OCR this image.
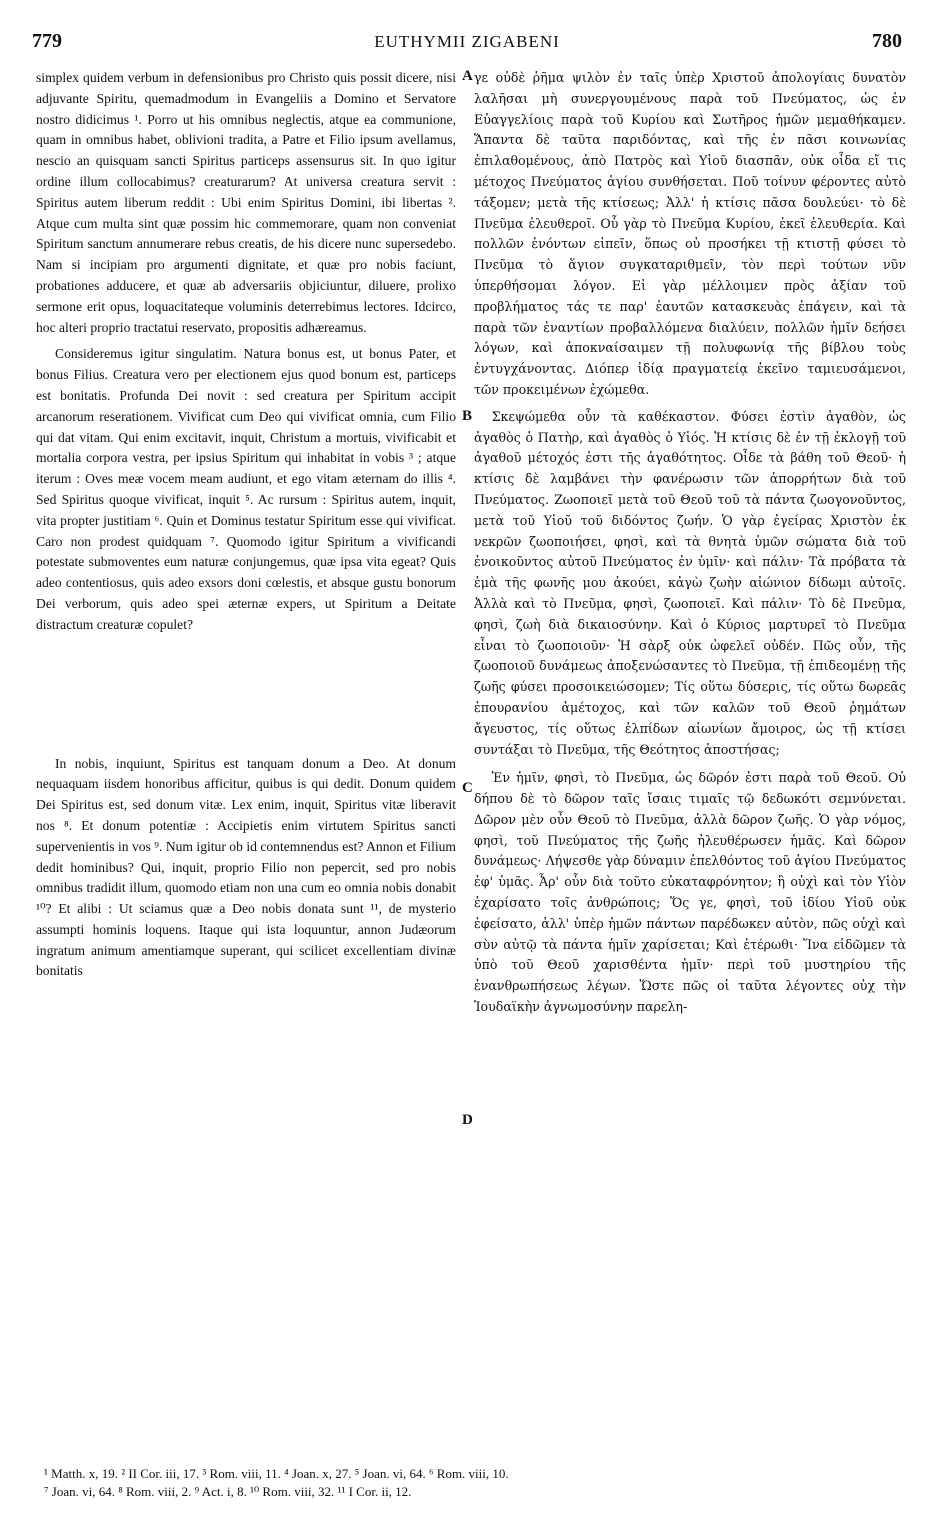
779	EUTHYMII ZIGABENI	780

simplex quidem verbum in defensionibus pro Christo quis possit dicere, nisi adjuvante Spiritu, quemadmodum in Evangeliis a Domino et Servatore nostro didicimus ¹. Porro ut his omnibus neglectis, atque ea communione, quam in omnibus habet, oblivioni tradita, a Patre et Filio ipsum avellamus, nescio an quisquam sancti Spiritus particeps assensurus sit. In quo igitur ordine illum collocabimus? creaturarum? At universa creatura servit : Spiritus autem liberum reddit : Ubi enim Spiritus Domini, ibi libertas ². Atque cum multa sint quæ possim hic commemorare, quam non conveniat Spiritum sanctum annumerare rebus creatis, de his dicere nunc supersedebo. Nam si incipiam pro argumenti dignitate, et quæ pro nobis faciunt, probationes adducere, et quæ ab adversariis objiciuntur, diluere, prolixo sermone erit opus, loquacitateque voluminis deterrebimus lectores. Idcirco, hoc alteri proprio tractatui reservato, propositis adhæreamus.

Consideremus igitur singulatim. Natura bonus est, ut bonus Pater, et bonus Filius. Creatura vero per electionem ejus quod bonum est, particeps est bonitatis. Profunda Dei novit : sed creatura per Spiritum accipit arcanorum reserationem. Vivificat cum Deo qui vivificat omnia, cum Filio qui dat vitam. Qui enim excitavit, inquit, Christum a mortuis, vivificabit et mortalia corpora vestra, per ipsius Spiritum qui inhabitat in vobis ³ ; atque iterum : Oves meæ vocem meam audiunt, et ego vitam æternam do illis ⁴. Sed Spiritus quoque vivificat, inquit ⁵. Ac rursum : Spiritus autem, inquit, vita propter justitiam ⁶. Quin et Dominus testatur Spiritum esse qui vivificat. Caro non prodest quidquam ⁷. Quomodo igitur Spiritum a vivificandi potestate submoventes eum naturæ conjungemus, quæ ipsa vita egeat? Quis adeo contentiosus, quis adeo exsors doni cœlestis, et absque gustu bonorum Dei verborum, quis adeo spei æternæ expers, ut Spiritum a Deitate distractum creaturæ copulet?

In nobis, inquiunt, Spiritus est tanquam donum a Deo. At donum nequaquam iisdem honoribus afficitur, quibus is qui dedit. Donum quidem Dei Spiritus est, sed donum vitæ. Lex enim, inquit, Spiritus vitæ liberavit nos ⁸. Et donum potentiæ : Accipietis enim virtutem Spiritus sancti supervenientis in vos ⁹. Num igitur ob id contemnendus est? Annon et Filium dedit hominibus? Qui, inquit, proprio Filio non pepercit, sed pro nobis omnibus tradidit illum, quomodo etiam non una cum eo omnia nobis donabit ¹⁰? Et alibi : Ut sciamus quæ a Deo nobis donata sunt ¹¹, de mysterio assumpti hominis loquens. Itaque qui ista loquuntur, annon Judæorum ingratum animum amentiamque superant, qui scilicet excellentiam divinæ bonitatis

γε οὐδὲ ῥῆμα ψιλὸν ἐν ταῖς ὑπὲρ Χριστοῦ ἀπολογίαις δυνατὸν λαλῆσαι μὴ συνεργουμένους παρὰ τοῦ Πνεύματος, ὡς ἐν Εὐαγγελίοις παρὰ τοῦ Κυρίου καὶ Σωτῆρος ἡμῶν μεμαθήκαμεν. Ἅπαντα δὲ ταῦτα παριδόντας, καὶ τῆς ἐν πᾶσι κοινωνίας ἐπιλαθομένους, ἀπὸ Πατρὸς καὶ Υἱοῦ διασπᾶν, οὐκ οἶδα εἴ τις μέτοχος Πνεύματος ἁγίου συνθήσεται. Ποῦ τοίνυν φέροντες αὐτὸ τάξομεν; μετὰ τῆς κτίσεως; Ἀλλ' ἡ κτίσις πᾶσα δουλεύει· τὸ δὲ Πνεῦμα ἐλευθεροῖ. Οὗ γὰρ τὸ Πνεῦμα Κυρίου, ἐκεῖ ἐλευθερία. Καὶ πολλῶν ἐνόντων εἰπεῖν, ὅπως οὐ προσήκει τῇ κτιστῇ φύσει τὸ Πνεῦμα τὸ ἅγιον συγκαταριθμεῖν, τὸν περὶ τούτων νῦν ὑπερθήσομαι λόγον. Εἰ γὰρ μέλλοιμεν πρὸς ἀξίαν τοῦ προβλήματος τάς τε παρ' ἑαυτῶν κατασκευὰς ἐπάγειν, καὶ τὰ παρὰ τῶν ἐναντίων προβαλλόμενα διαλύειν, πολλῶν ἡμῖν δεήσει λόγων, καὶ ἀποκναίσαιμεν τῇ πολυφωνίᾳ τῆς βίβλου τοὺς ἐντυγχάνοντας. Διόπερ ἰδίᾳ πραγματείᾳ ἐκεῖνο ταμιευσάμενοι, τῶν προκειμένων ἐχώμεθα.

Σκεψώμεθα οὖν τὰ καθέκαστον. Φύσει ἐστὶν ἀγαθὸν, ὡς ἀγαθὸς ὁ Πατὴρ, καὶ ἀγαθὸς ὁ Υἱός. Ἡ κτίσις δὲ ἐν τῇ ἐκλογῇ τοῦ ἀγαθοῦ μέτοχός ἐστι τῆς ἀγαθότητος. Οἶδε τὰ βάθη τοῦ Θεοῦ· ἡ κτίσις δὲ λαμβάνει τὴν φανέρωσιν τῶν ἀπορρήτων διὰ τοῦ Πνεύματος. Ζωοποιεῖ μετὰ τοῦ Θεοῦ τοῦ τὰ πάντα ζωογονοῦντος, μετὰ τοῦ Υἱοῦ τοῦ διδόντος ζωήν. Ὁ γὰρ ἐγείρας Χριστὸν ἐκ νεκρῶν ζωοποιήσει, φησὶ, καὶ τὰ θνητὰ ὑμῶν σώματα διὰ τοῦ ἐνοικοῦντος αὐτοῦ Πνεύματος ἐν ὑμῖν· καὶ πάλιν· Τὰ πρόβατα τὰ ἐμὰ τῆς φωνῆς μου ἀκούει, κἀγὼ ζωὴν αἰώνιον δίδωμι αὐτοῖς. Ἀλλὰ καὶ τὸ Πνεῦμα, φησὶ, ζωοποιεῖ. Καὶ πάλιν· Τὸ δὲ Πνεῦμα, φησὶ, ζωὴ διὰ δικαιοσύνην. Καὶ ὁ Κύριος μαρτυρεῖ τὸ Πνεῦμα εἶναι τὸ ζωοποιοῦν· Ἡ σὰρξ οὐκ ὠφελεῖ οὐδέν. Πῶς οὖν, τῆς ζωοποιοῦ δυνάμεως ἀποξενώσαντες τὸ Πνεῦμα, τῇ ἐπιδεομένῃ τῆς ζωῆς φύσει προσοικειώσομεν; Τίς οὕτω δύσερις, τίς οὕτω δωρεᾶς ἐπουρανίου ἀμέτοχος, καὶ τῶν καλῶν τοῦ Θεοῦ ῥημάτων ἄγευστος, τίς οὕτως ἐλπίδων αἰωνίων ἄμοιρος, ὡς τῇ κτίσει συντάξαι τὸ Πνεῦμα, τῆς Θεότητος ἀποστήσας;

Ἐν ἡμῖν, φησὶ, τὸ Πνεῦμα, ὡς δῶρόν ἐστι παρὰ τοῦ Θεοῦ. Οὐ δήπου δὲ τὸ δῶρον ταῖς ἴσαις τιμαῖς τῷ δεδωκότι σεμνύνεται. Δῶρον μὲν οὖν Θεοῦ τὸ Πνεῦμα, ἀλλὰ δῶρον ζωῆς. Ὁ γὰρ νόμος, φησὶ, τοῦ Πνεύματος τῆς ζωῆς ἠλευθέρωσεν ἡμᾶς. Καὶ δῶρον δυνάμεως· Λήψεσθε γὰρ δύναμιν ἐπελθόντος τοῦ ἁγίου Πνεύματος ἐφ' ὑμᾶς. Ἆρ' οὖν διὰ τοῦτο εὐκαταφρόνητον; ἢ οὐχὶ καὶ τὸν Υἱὸν ἐχαρίσατο τοῖς ἀνθρώποις; Ὅς γε, φησὶ, τοῦ ἰδίου Υἱοῦ οὐκ ἐφείσατο, ἀλλ' ὑπὲρ ἡμῶν πάντων παρέδωκεν αὐτὸν, πῶς οὐχὶ καὶ σὺν αὐτῷ τὰ πάντα ἡμῖν χαρίσεται; Καὶ ἑτέρωθι· Ἵνα εἰδῶμεν τὰ ὑπὸ τοῦ Θεοῦ χαρισθέντα ἡμῖν· περὶ τοῦ μυστηρίου τῆς ἐνανθρωπήσεως λέγων. Ὥστε πῶς οἱ ταῦτα λέγοντες οὐχ τὴν Ἰουδαϊκὴν ἀγνωμοσύνην παρελη-

A
B
C
D

¹ Matth. x, 19. ² II Cor. iii, 17. ³ Rom. viii, 11. ⁴ Joan. x, 27. ⁵ Joan. vi, 64. ⁶ Rom. viii, 10.

⁷ Joan. vi, 64. ⁸ Rom. viii, 2. ⁹ Act. i, 8. ¹⁰ Rom. viii, 32. ¹¹ I Cor. ii, 12.
